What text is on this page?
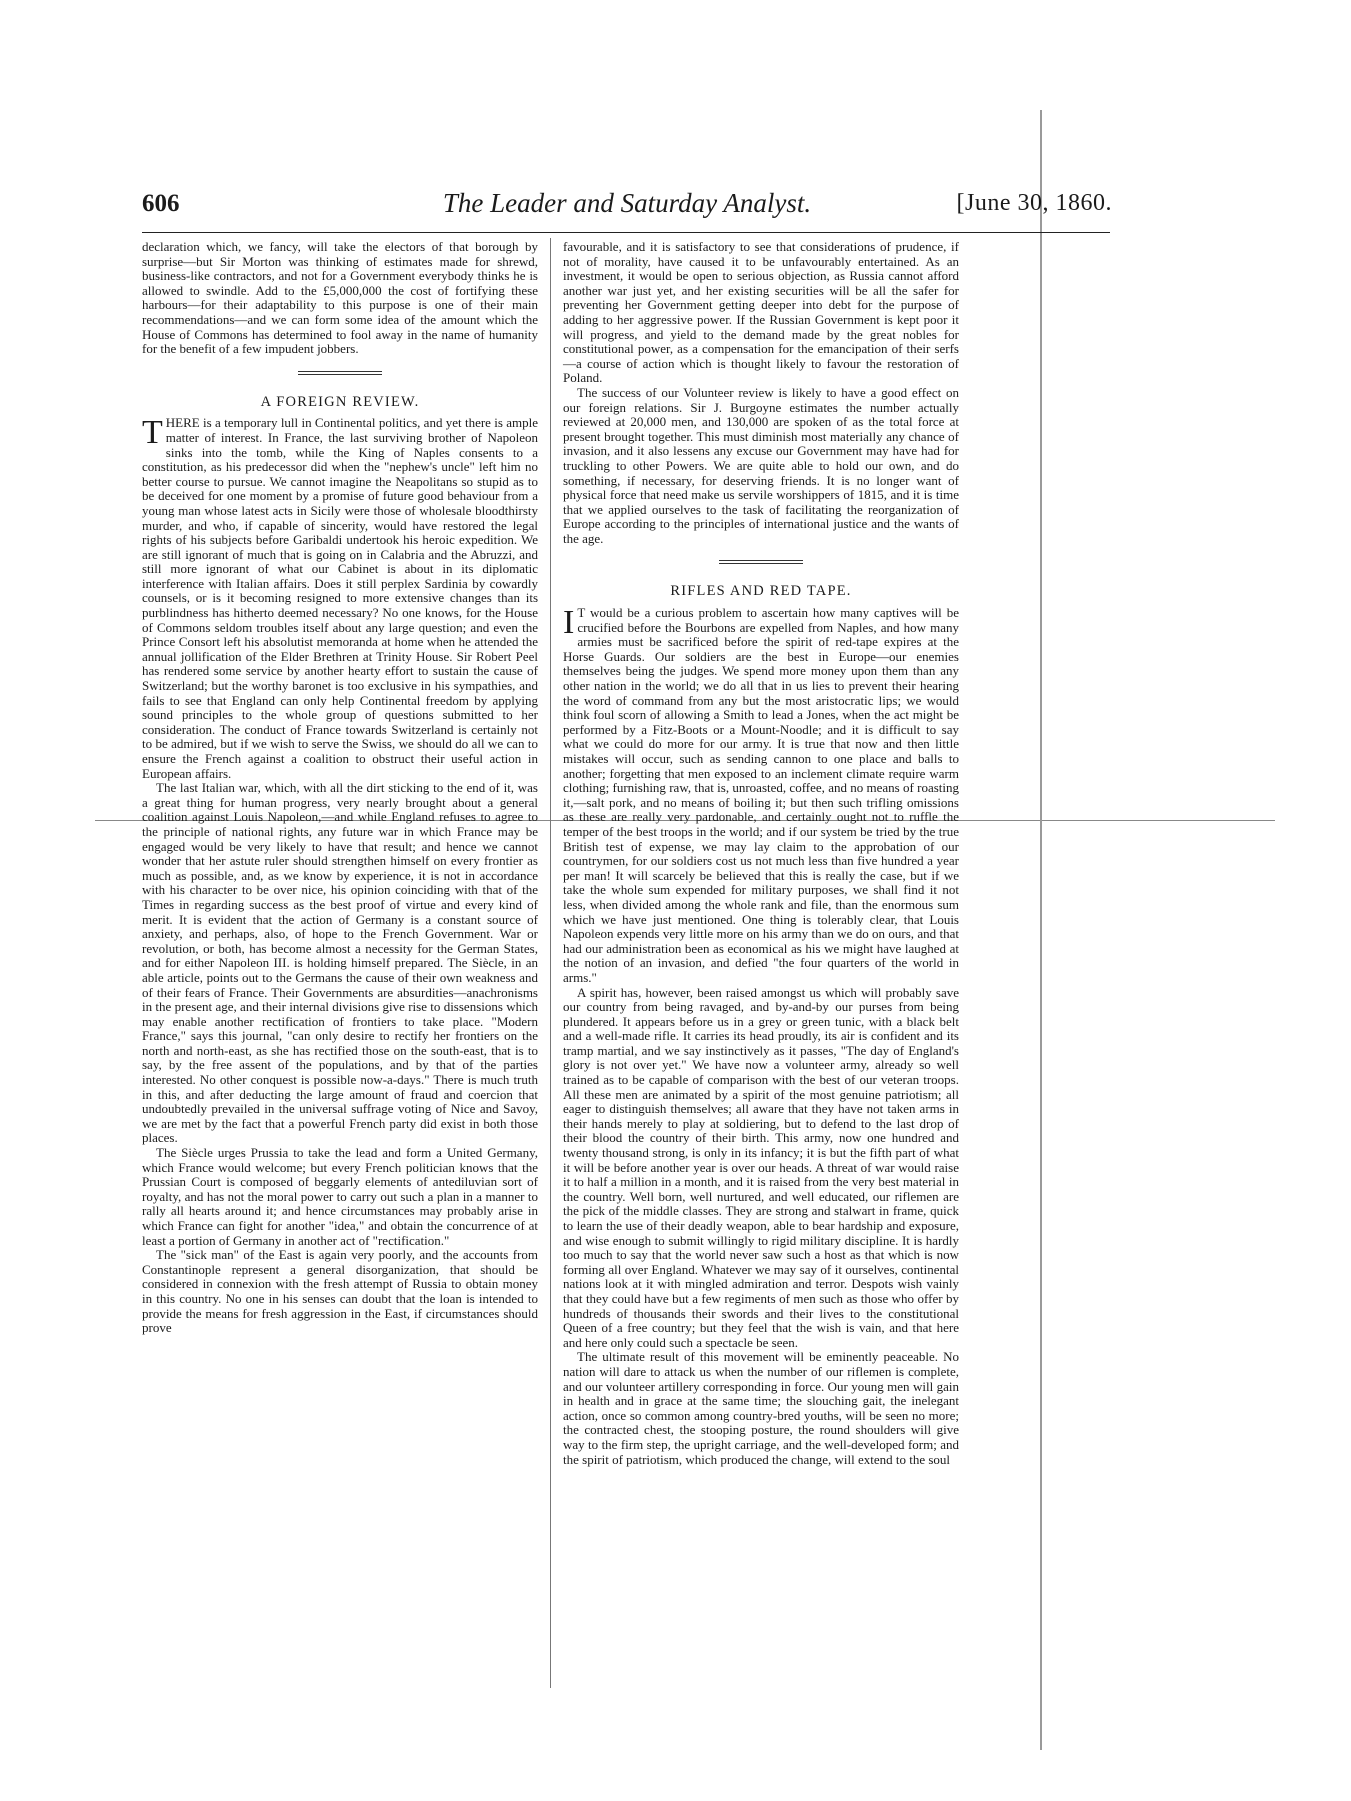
606	The Leader and Saturday Analyst.	[June 30, 1860.

declaration which, we fancy, will take the electors of that borough by surprise—but Sir Morton was thinking of estimates made for shrewd, business-like contractors, and not for a Government everybody thinks he is allowed to swindle. Add to the £5,000,000 the cost of fortifying these harbours—for their adaptability to this purpose is one of their main recommendations—and we can form some idea of the amount which the House of Commons has determined to fool away in the name of humanity for the benefit of a few impudent jobbers.

A FOREIGN REVIEW.

THERE is a temporary lull in Continental politics, and yet there is ample matter of interest. In France, the last surviving brother of Napoleon sinks into the tomb, while the King of Naples consents to a constitution, as his predecessor did when the "nephew's uncle" left him no better course to pursue. We cannot imagine the Neapolitans so stupid as to be deceived for one moment by a promise of future good behaviour from a young man whose latest acts in Sicily were those of wholesale bloodthirsty murder, and who, if capable of sincerity, would have restored the legal rights of his subjects before Garibaldi undertook his heroic expedition. We are still ignorant of much that is going on in Calabria and the Abruzzi, and still more ignorant of what our Cabinet is about in its diplomatic interference with Italian affairs. Does it still perplex Sardinia by cowardly counsels, or is it becoming resigned to more extensive changes than its purblindness has hitherto deemed necessary? No one knows, for the House of Commons seldom troubles itself about any large question; and even the Prince Consort left his absolutist memoranda at home when he attended the annual jollification of the Elder Brethren at Trinity House. Sir Robert Peel has rendered some service by another hearty effort to sustain the cause of Switzerland; but the worthy baronet is too exclusive in his sympathies, and fails to see that England can only help Continental freedom by applying sound principles to the whole group of questions submitted to her consideration. The conduct of France towards Switzerland is certainly not to be admired, but if we wish to serve the Swiss, we should do all we can to ensure the French against a coalition to obstruct their useful action in European affairs.

The last Italian war, which, with all the dirt sticking to the end of it, was a great thing for human progress, very nearly brought about a general coalition against Louis Napoleon,—and while England refuses to agree to the principle of national rights, any future war in which France may be engaged would be very likely to have that result; and hence we cannot wonder that her astute ruler should strengthen himself on every frontier as much as possible, and, as we know by experience, it is not in accordance with his character to be over nice, his opinion coinciding with that of the Times in regarding success as the best proof of virtue and every kind of merit. It is evident that the action of Germany is a constant source of anxiety, and perhaps, also, of hope to the French Government. War or revolution, or both, has become almost a necessity for the German States, and for either Napoleon III. is holding himself prepared. The Siècle, in an able article, points out to the Germans the cause of their own weakness and of their fears of France. Their Governments are absurdities—anachronisms in the present age, and their internal divisions give rise to dissensions which may enable another rectification of frontiers to take place. "Modern France," says this journal, "can only desire to rectify her frontiers on the north and north-east, as she has rectified those on the south-east, that is to say, by the free assent of the populations, and by that of the parties interested. No other conquest is possible now-a-days." There is much truth in this, and after deducting the large amount of fraud and coercion that undoubtedly prevailed in the universal suffrage voting of Nice and Savoy, we are met by the fact that a powerful French party did exist in both those places.

The Siècle urges Prussia to take the lead and form a United Germany, which France would welcome; but every French politician knows that the Prussian Court is composed of beggarly elements of antediluvian sort of royalty, and has not the moral power to carry out such a plan in a manner to rally all hearts around it; and hence circumstances may probably arise in which France can fight for another "idea," and obtain the concurrence of at least a portion of Germany in another act of "rectification."

The "sick man" of the East is again very poorly, and the accounts from Constantinople represent a general disorganization, that should be considered in connexion with the fresh attempt of Russia to obtain money in this country. No one in his senses can doubt that the loan is intended to provide the means for fresh aggression in the East, if circumstances should prove

favourable, and it is satisfactory to see that considerations of prudence, if not of morality, have caused it to be unfavourably entertained. As an investment, it would be open to serious objection, as Russia cannot afford another war just yet, and her existing securities will be all the safer for preventing her Government getting deeper into debt for the purpose of adding to her aggressive power. If the Russian Government is kept poor it will progress, and yield to the demand made by the great nobles for constitutional power, as a compensation for the emancipation of their serfs—a course of action which is thought likely to favour the restoration of Poland.

The success of our Volunteer review is likely to have a good effect on our foreign relations. Sir J. Burgoyne estimates the number actually reviewed at 20,000 men, and 130,000 are spoken of as the total force at present brought together. This must diminish most materially any chance of invasion, and it also lessens any excuse our Government may have had for truckling to other Powers. We are quite able to hold our own, and do something, if necessary, for deserving friends. It is no longer want of physical force that need make us servile worshippers of 1815, and it is time that we applied ourselves to the task of facilitating the reorganization of Europe according to the principles of international justice and the wants of the age.

RIFLES AND RED TAPE.

I T would be a curious problem to ascertain how many captives will be crucified before the Bourbons are expelled from Naples, and how many armies must be sacrificed before the spirit of red-tape expires at the Horse Guards. Our soldiers are the best in Europe—our enemies themselves being the judges. We spend more money upon them than any other nation in the world; we do all that in us lies to prevent their hearing the word of command from any but the most aristocratic lips; we would think foul scorn of allowing a Smith to lead a Jones, when the act might be performed by a Fitz-Boots or a Mount-Noodle; and it is difficult to say what we could do more for our army. It is true that now and then little mistakes will occur, such as sending cannon to one place and balls to another; forgetting that men exposed to an inclement climate require warm clothing; furnishing raw, that is, unroasted, coffee, and no means of roasting it,—salt pork, and no means of boiling it; but then such trifling omissions as these are really very pardonable, and certainly ought not to ruffle the temper of the best troops in the world; and if our system be tried by the true British test of expense, we may lay claim to the approbation of our countrymen, for our soldiers cost us not much less than five hundred a year per man! It will scarcely be believed that this is really the case, but if we take the whole sum expended for military purposes, we shall find it not less, when divided among the whole rank and file, than the enormous sum which we have just mentioned. One thing is tolerably clear, that Louis Napoleon expends very little more on his army than we do on ours, and that had our administration been as economical as his we might have laughed at the notion of an invasion, and defied "the four quarters of the world in arms."

A spirit has, however, been raised amongst us which will probably save our country from being ravaged, and by-and-by our purses from being plundered. It appears before us in a grey or green tunic, with a black belt and a well-made rifle. It carries its head proudly, its air is confident and its tramp martial, and we say instinctively as it passes, "The day of England's glory is not over yet." We have now a volunteer army, already so well trained as to be capable of comparison with the best of our veteran troops. All these men are animated by a spirit of the most genuine patriotism; all eager to distinguish themselves; all aware that they have not taken arms in their hands merely to play at soldiering, but to defend to the last drop of their blood the country of their birth. This army, now one hundred and twenty thousand strong, is only in its infancy; it is but the fifth part of what it will be before another year is over our heads. A threat of war would raise it to half a million in a month, and it is raised from the very best material in the country. Well born, well nurtured, and well educated, our riflemen are the pick of the middle classes. They are strong and stalwart in frame, quick to learn the use of their deadly weapon, able to bear hardship and exposure, and wise enough to submit willingly to rigid military discipline. It is hardly too much to say that the world never saw such a host as that which is now forming all over England. Whatever we may say of it ourselves, continental nations look at it with mingled admiration and terror. Despots wish vainly that they could have but a few regiments of men such as those who offer by hundreds of thousands their swords and their lives to the constitutional Queen of a free country; but they feel that the wish is vain, and that here and here only could such a spectacle be seen.

The ultimate result of this movement will be eminently peaceable. No nation will dare to attack us when the number of our riflemen is complete, and our volunteer artillery corresponding in force. Our young men will gain in health and in grace at the same time; the slouching gait, the inelegant action, once so common among country-bred youths, will be seen no more; the contracted chest, the stooping posture, the round shoulders will give way to the firm step, the upright carriage, and the well-developed form; and the spirit of patriotism, which produced the change, will extend to the soul
